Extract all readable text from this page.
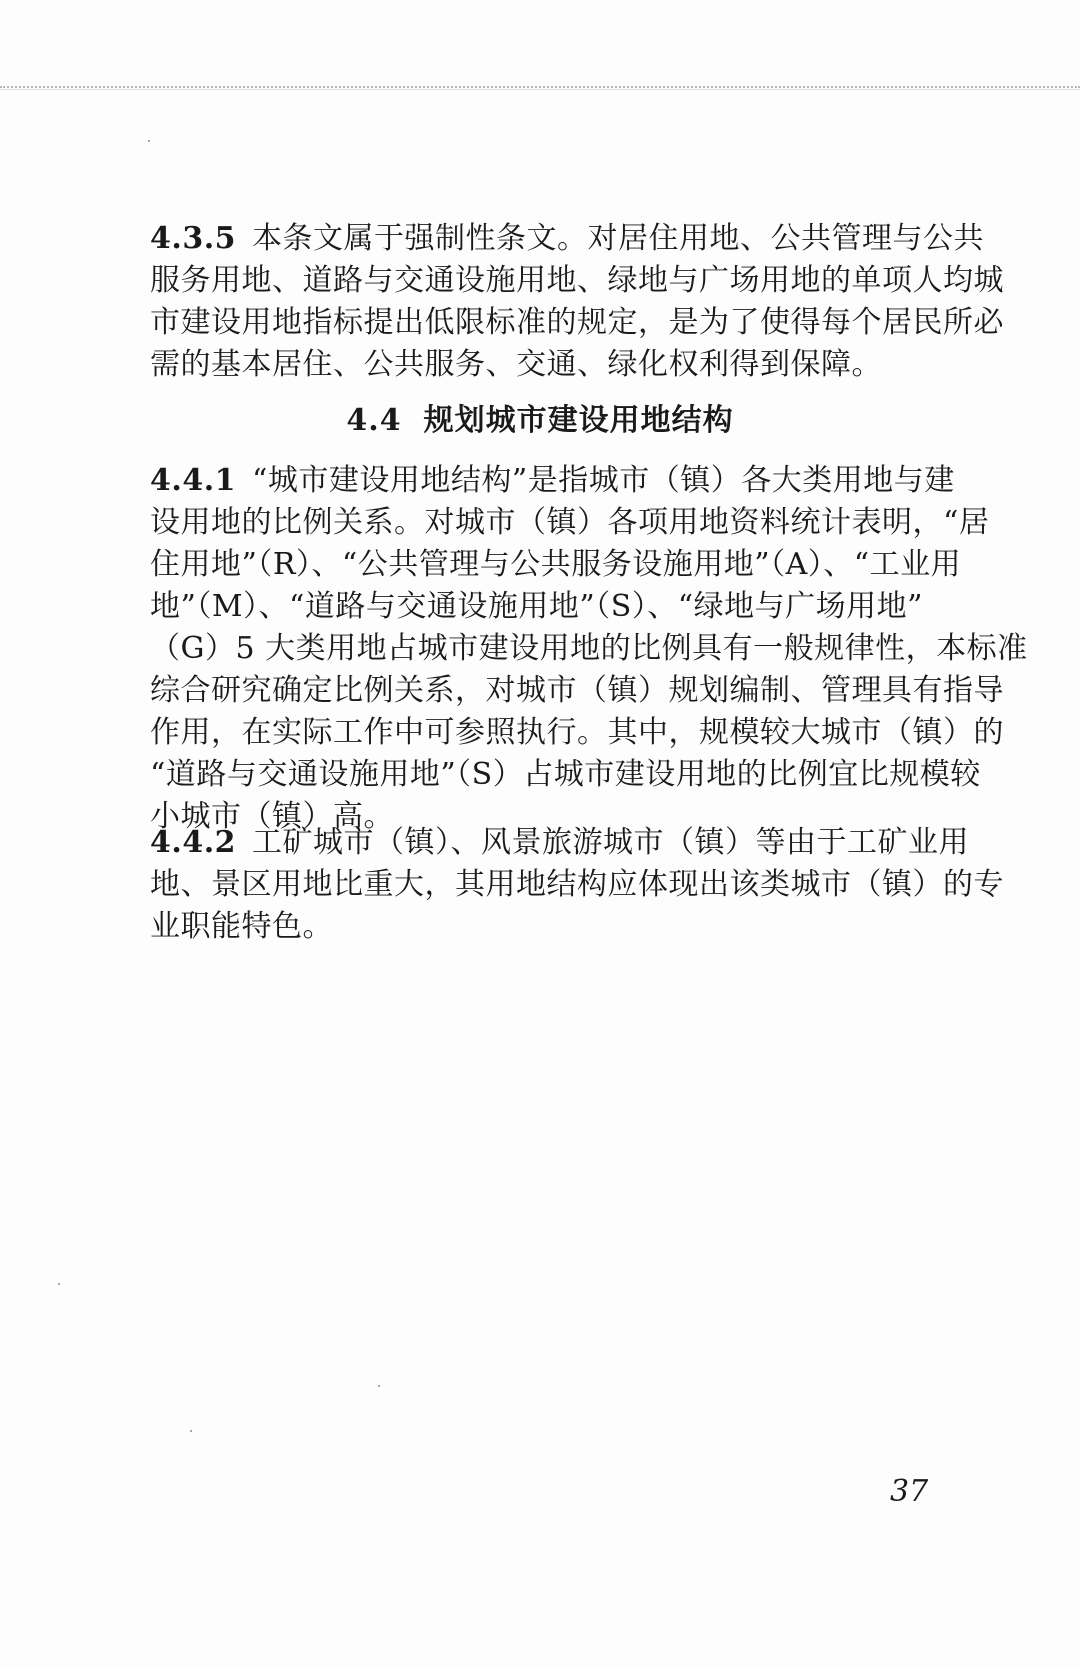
4.3.5 本条文属于强制性条文。对居住用地、公共管理与公共
服务用地、道路与交通设施用地、绿地与广场用地的单项人均城
市建设用地指标提出低限标准的规定，是为了使得每个居民所必
需的基本居住、公共服务、交通、绿化权利得到保障。
4.4 规划城市建设用地结构
4.4.1 “城市建设用地结构”是指城市（镇）各大类用地与建
设用地的比例关系。对城市（镇）各项用地资料统计表明，“居
住用地”（R）、“公共管理与公共服务设施用地”（A）、“工业用
地”（M）、“道路与交通设施用地”（S）、“绿地与广场用地”
（G）5 大类用地占城市建设用地的比例具有一般规律性，本标准
综合研究确定比例关系，对城市（镇）规划编制、管理具有指导
作用，在实际工作中可参照执行。其中，规模较大城市（镇）的
“道路与交通设施用地”（S）占城市建设用地的比例宜比规模较
小城市（镇）高。
4.4.2 工矿城市（镇）、风景旅游城市（镇）等由于工矿业用
地、景区用地比重大，其用地结构应体现出该类城市（镇）的专
业职能特色。
37
